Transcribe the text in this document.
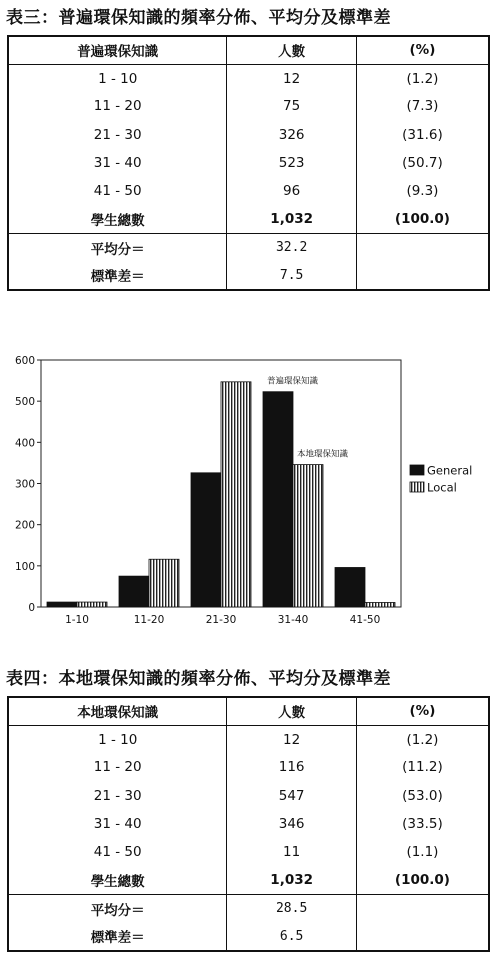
表三：普遍環保知識的頻率分佈、平均分及標準差
普遍環保知識	人數	(%)
1 - 10	12	(1.2)
11 - 20	75	(7.3)
21 - 30	326	(31.6)
31 - 40	523	(50.7)
41 - 50	96	(9.3)
學生總數	1,032	(100.0)
平均分＝	32.2	
標準差＝	7.5	
0
100
200
300
400
500
600
1-10	11-20	21-30	31-40	41-50
普遍環保知識
本地環保知識
General
Local
表四：本地環保知識的頻率分佈、平均分及標準差
本地環保知識	人數	(%)
1 - 10	12	(1.2)
11 - 20	116	(11.2)
21 - 30	547	(53.0)
31 - 40	346	(33.5)
41 - 50	11	(1.1)
學生總數	1,032	(100.0)
平均分＝	28.5	
標準差＝	6.5	
